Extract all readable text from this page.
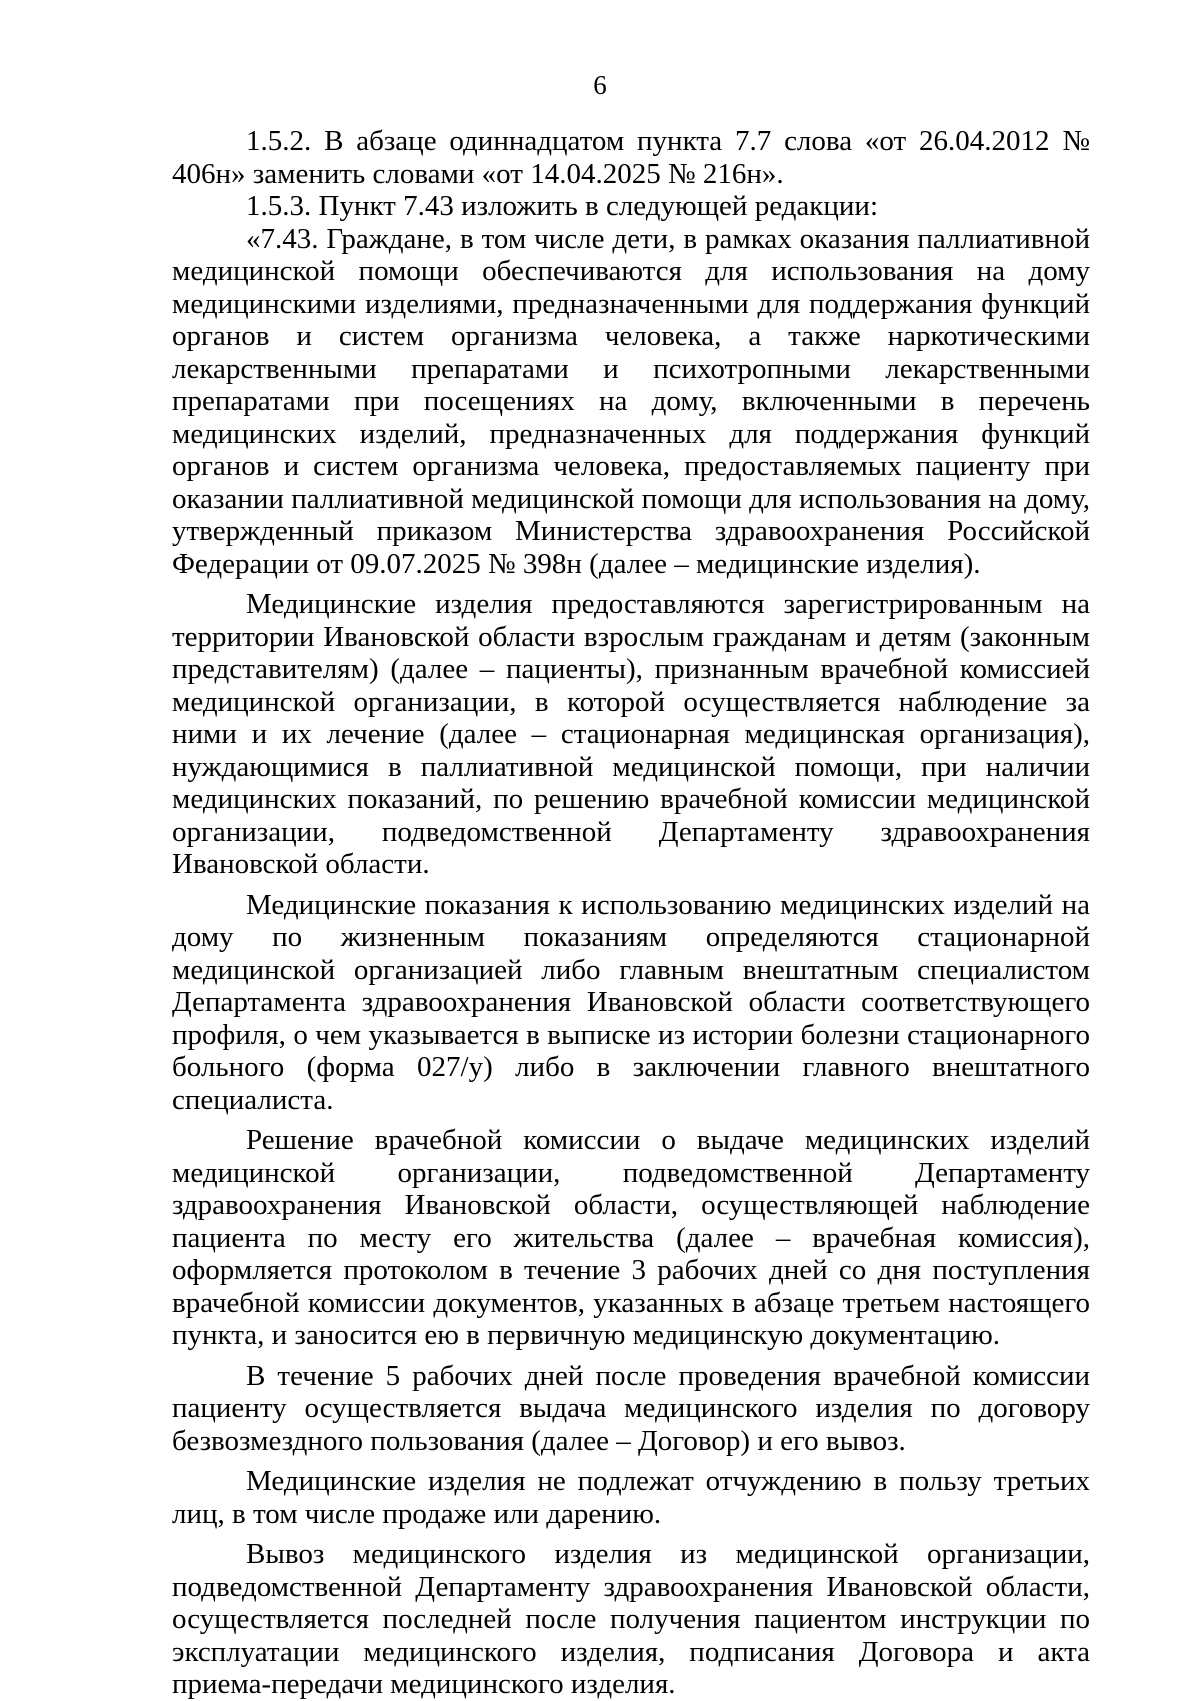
6

1.5.2. В абзаце одиннадцатом пункта 7.7 слова «от 26.04.2012 № 406н» заменить словами «от 14.04.2025 № 216н».

1.5.3. Пункт 7.43 изложить в следующей редакции:

«7.43. Граждане, в том числе дети, в рамках оказания паллиативной медицинской помощи обеспечиваются для использования на дому медицинскими изделиями, предназначенными для поддержания функций органов и систем организма человека, а также наркотическими лекарственными препаратами и психотропными лекарственными препаратами при посещениях на дому, включенными в перечень медицинских изделий, предназначенных для поддержания функций органов и систем организма человека, предоставляемых пациенту при оказании паллиативной медицинской помощи для использования на дому, утвержденный приказом Министерства здравоохранения Российской Федерации от 09.07.2025 № 398н (далее – медицинские изделия).

Медицинские изделия предоставляются зарегистрированным на территории Ивановской области взрослым гражданам и детям (законным представителям) (далее – пациенты), признанным врачебной комиссией медицинской организации, в которой осуществляется наблюдение за ними и их лечение (далее – стационарная медицинская организация), нуждающимися в паллиативной медицинской помощи, при наличии медицинских показаний, по решению врачебной комиссии медицинской организации, подведомственной Департаменту здравоохранения Ивановской области.

Медицинские показания к использованию медицинских изделий на дому по жизненным показаниям определяются стационарной медицинской организацией либо главным внештатным специалистом Департамента здравоохранения Ивановской области соответствующего профиля, о чем указывается в выписке из истории болезни стационарного больного (форма 027/у) либо в заключении главного внештатного специалиста.

Решение врачебной комиссии о выдаче медицинских изделий медицинской организации, подведомственной Департаменту здравоохранения Ивановской области, осуществляющей наблюдение пациента по месту его жительства (далее – врачебная комиссия), оформляется протоколом в течение 3 рабочих дней со дня поступления врачебной комиссии документов, указанных в абзаце третьем настоящего пункта, и заносится ею в первичную медицинскую документацию.

В течение 5 рабочих дней после проведения врачебной комиссии пациенту осуществляется выдача медицинского изделия по договору безвозмездного пользования (далее – Договор) и его вывоз.

Медицинские изделия не подлежат отчуждению в пользу третьих лиц, в том числе продаже или дарению.

Вывоз медицинского изделия из медицинской организации, подведомственной Департаменту здравоохранения Ивановской области, осуществляется последней после получения пациентом инструкции по эксплуатации медицинского изделия, подписания Договора и акта приема-передачи медицинского изделия.
